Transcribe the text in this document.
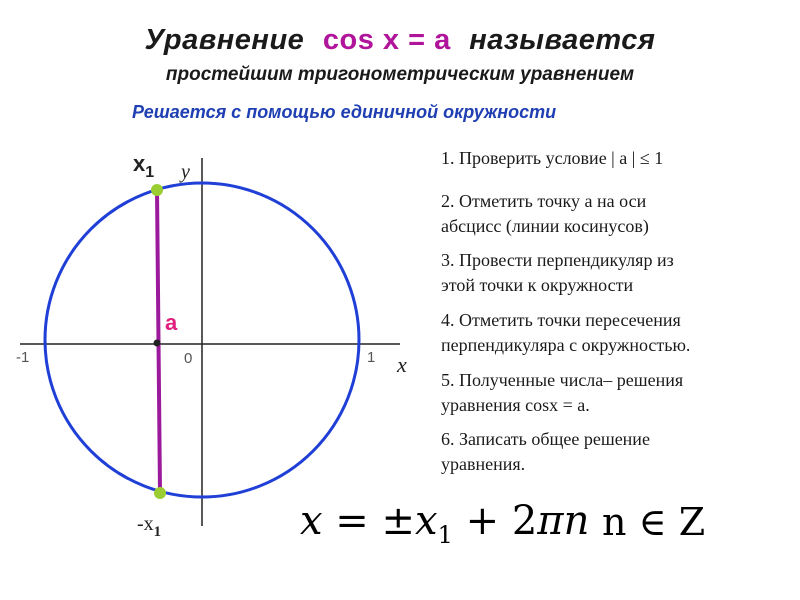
Уравнение cos x = a называется
простейшим тригонометрическим уравнением
Решается с помощью единичной окружности
y
x
0
-1	1
a
$x_1$
$-x_1$
1. Проверить условие | a | ≤ 1
2. Отметить точку a на оси
абсцисс (линии косинусов)
3. Провести перпендикуляр из
этой точки к окружности
4. Отметить точки пересечения
перпендикуляра с окружностью.
5. Полученные числа– решения
уравнения cosx = a.
6. Записать общее решение
уравнения.
$x = \pm x_1 + 2\pi n$ n ∈ Z
